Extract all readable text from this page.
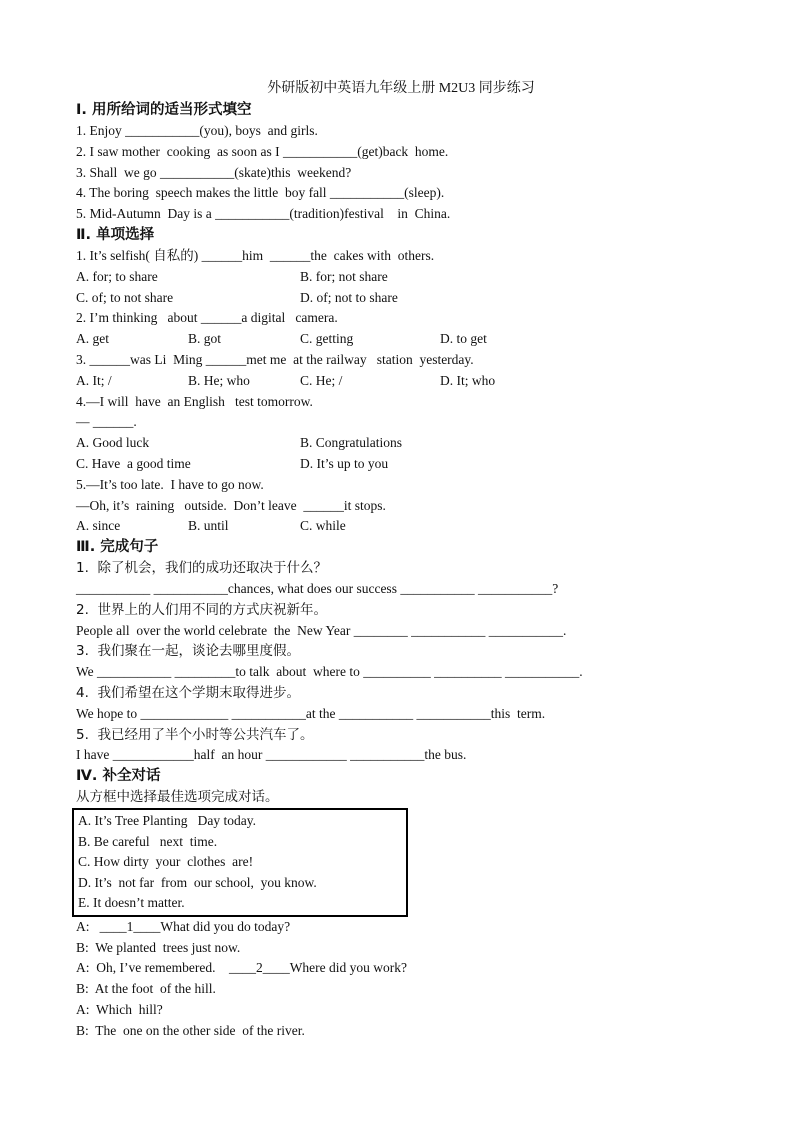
外研版初中英语九年级上册 M2U3 同步练习
Ⅰ. 用所给词的适当形式填空
1. Enjoy ___________(you), boys  and girls.
2. I saw mother  cooking  as soon as I ___________(get)back  home.
3. Shall  we go ___________(skate)this  weekend?
4. The boring  speech makes the little  boy fall ___________(sleep).
5. Mid-Autumn  Day is a ___________(tradition)festival    in  China.
Ⅱ. 单项选择
1. It’s selfish( 自私的) ______him  ______the  cakes with  others.
A. for; to share	B. for; not share
C. of; to not share	D. of; not to share
2. I’m thinking   about ______a digital   camera.
A. get	B. got	C. getting	D. to get
3. ______was Li  Ming ______met me  at the railway   station  yesterday.
A. It; /	B. He; who	C. He; /	D. It; who
4.—I will  have  an English   test tomorrow.
— ______.
A. Good luck	B. Congratulations
C. Have  a good time	D. It’s up to you
5.—It’s too late.  I have to go now.
—Oh, it’s  raining   outside.  Don’t leave  ______it stops.
A. since	B. until	C. while
Ⅲ. 完成句子
1.  除了机会，我们的成功还取决于什么？
___________ ___________chances, what does our success ___________ ___________?
2.  世界上的人们用不同的方式庆祝新年。
People all  over the world celebrate  the  New Year ________ ___________ ___________.
3.  我们聚在一起，谈论去哪里度假。
We ___________ _________to talk  about  where to __________ __________ ___________.
4.  我们希望在这个学期末取得进步。
We hope to _____________ ___________at the ___________ ___________this  term.
5.  我已经用了半个小时等公共汽车了。
I have ____________half  an hour ____________ ___________the bus.
Ⅳ. 补全对话
从方框中选择最佳选项完成对话。
A. It’s Tree Planting   Day today.
B. Be careful   next  time.
C. How dirty  your  clothes  are!
D. It’s  not far  from  our school,  you know.
E. It doesn’t matter.
A:   ____1____What did you do today?
B:  We planted  trees just now.
A:  Oh, I’ve remembered.    ____2____Where did you work?
B:  At the foot  of the hill.
A:  Which  hill?
B:  The  one on the other side  of the river.
